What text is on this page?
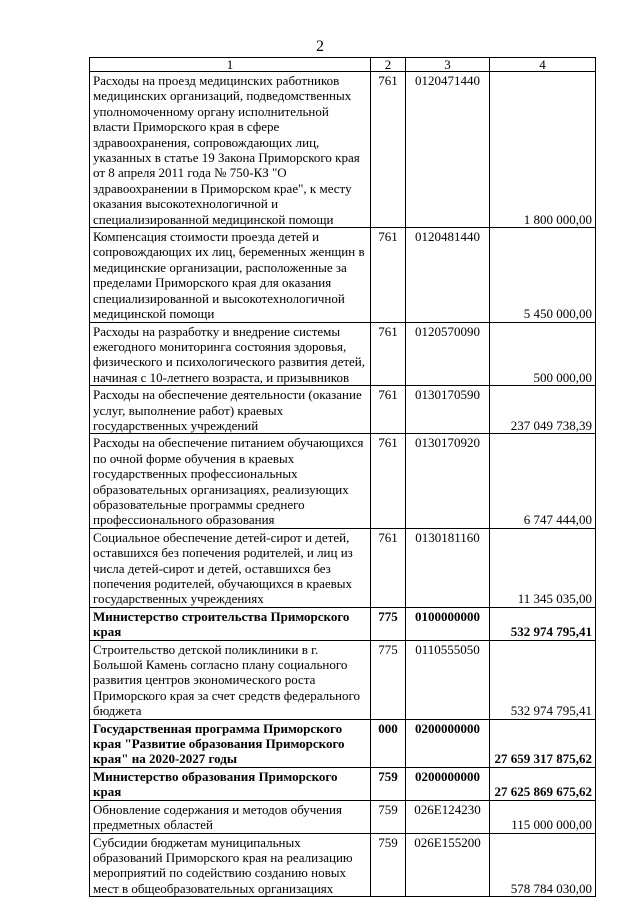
2
1	2	3	4
Расходы на проезд медицинских работников медицинских организаций, подведомственных уполномоченному органу исполнительной власти Приморского края в сфере здравоохранения, сопровождающих лиц, указанных в статье 19 Закона Приморского края от 8 апреля 2011 года № 750-КЗ "О здравоохранении в Приморском крае", к месту оказания высокотехнологичной и специализированной медицинской помощи	761	0120471440	1 800 000,00
Компенсация стоимости проезда детей и сопровождающих их лиц, беременных женщин в медицинские организации, расположенные за пределами Приморского края для оказания специализированной и высокотехнологичной медицинской помощи	761	0120481440	5 450 000,00
Расходы на разработку и внедрение системы ежегодного мониторинга состояния здоровья, физического и психологического развития детей, начиная с 10-летнего возраста, и призывников	761	0120570090	500 000,00
Расходы на обеспечение деятельности (оказание услуг, выполнение работ) краевых государственных учреждений	761	0130170590	237 049 738,39
Расходы на обеспечение питанием обучающихся по очной форме обучения в краевых государственных профессиональных образовательных организациях, реализующих образовательные программы среднего профессионального образования	761	0130170920	6 747 444,00
Социальное обеспечение детей-сирот и детей, оставшихся без попечения родителей, и лиц из числа детей-сирот и детей, оставшихся без попечения родителей, обучающихся в краевых государственных учреждениях	761	0130181160	11 345 035,00
Министерство строительства Приморского края	775	0100000000	532 974 795,41
Строительство детской поликлиники в г. Большой Камень согласно плану социального развития центров экономического роста Приморского края за счет средств федерального бюджета	775	0110555050	532 974 795,41
Государственная программа Приморского края "Развитие образования Приморского края" на 2020-2027 годы	000	0200000000	27 659 317 875,62
Министерство образования Приморского края	759	0200000000	27 625 869 675,62
Обновление содержания и методов обучения предметных областей	759	026E124230	115 000 000,00
Субсидии бюджетам муниципальных образований Приморского края на реализацию мероприятий по содействию созданию новых мест в общеобразовательных организациях	759	026E155200	578 784 030,00
